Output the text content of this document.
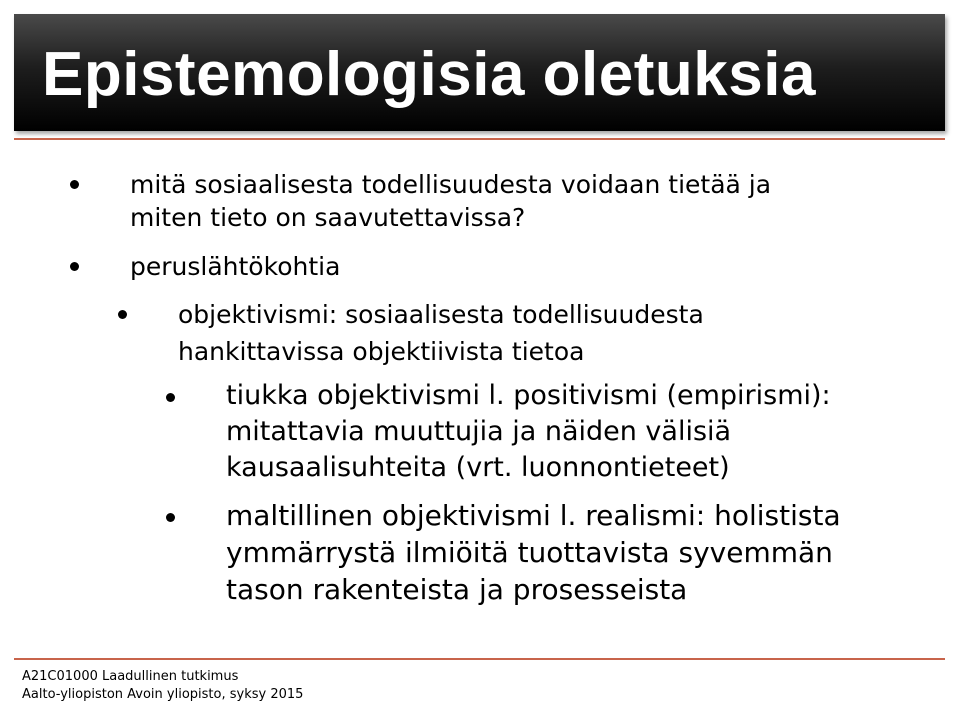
Epistemologisia oletuksia
mitä sosiaalisesta todellisuudesta voidaan tietää ja
miten tieto on saavutettavissa?
peruslähtökohtia
objektivismi: sosiaalisesta todellisuudesta
hankittavissa objektiivista tietoa
tiukka objektivismi l. positivismi (empirismi):
mitattavia muuttujia ja näiden välisiä
kausaalisuhteita (vrt. luonnontieteet)
maltillinen objektivismi l. realismi: holistista
ymmärrystä ilmiöitä tuottavista syvemmän
tason rakenteista ja prosesseista
A21C01000 Laadullinen tutkimus
Aalto-yliopiston Avoin yliopisto, syksy 2015
